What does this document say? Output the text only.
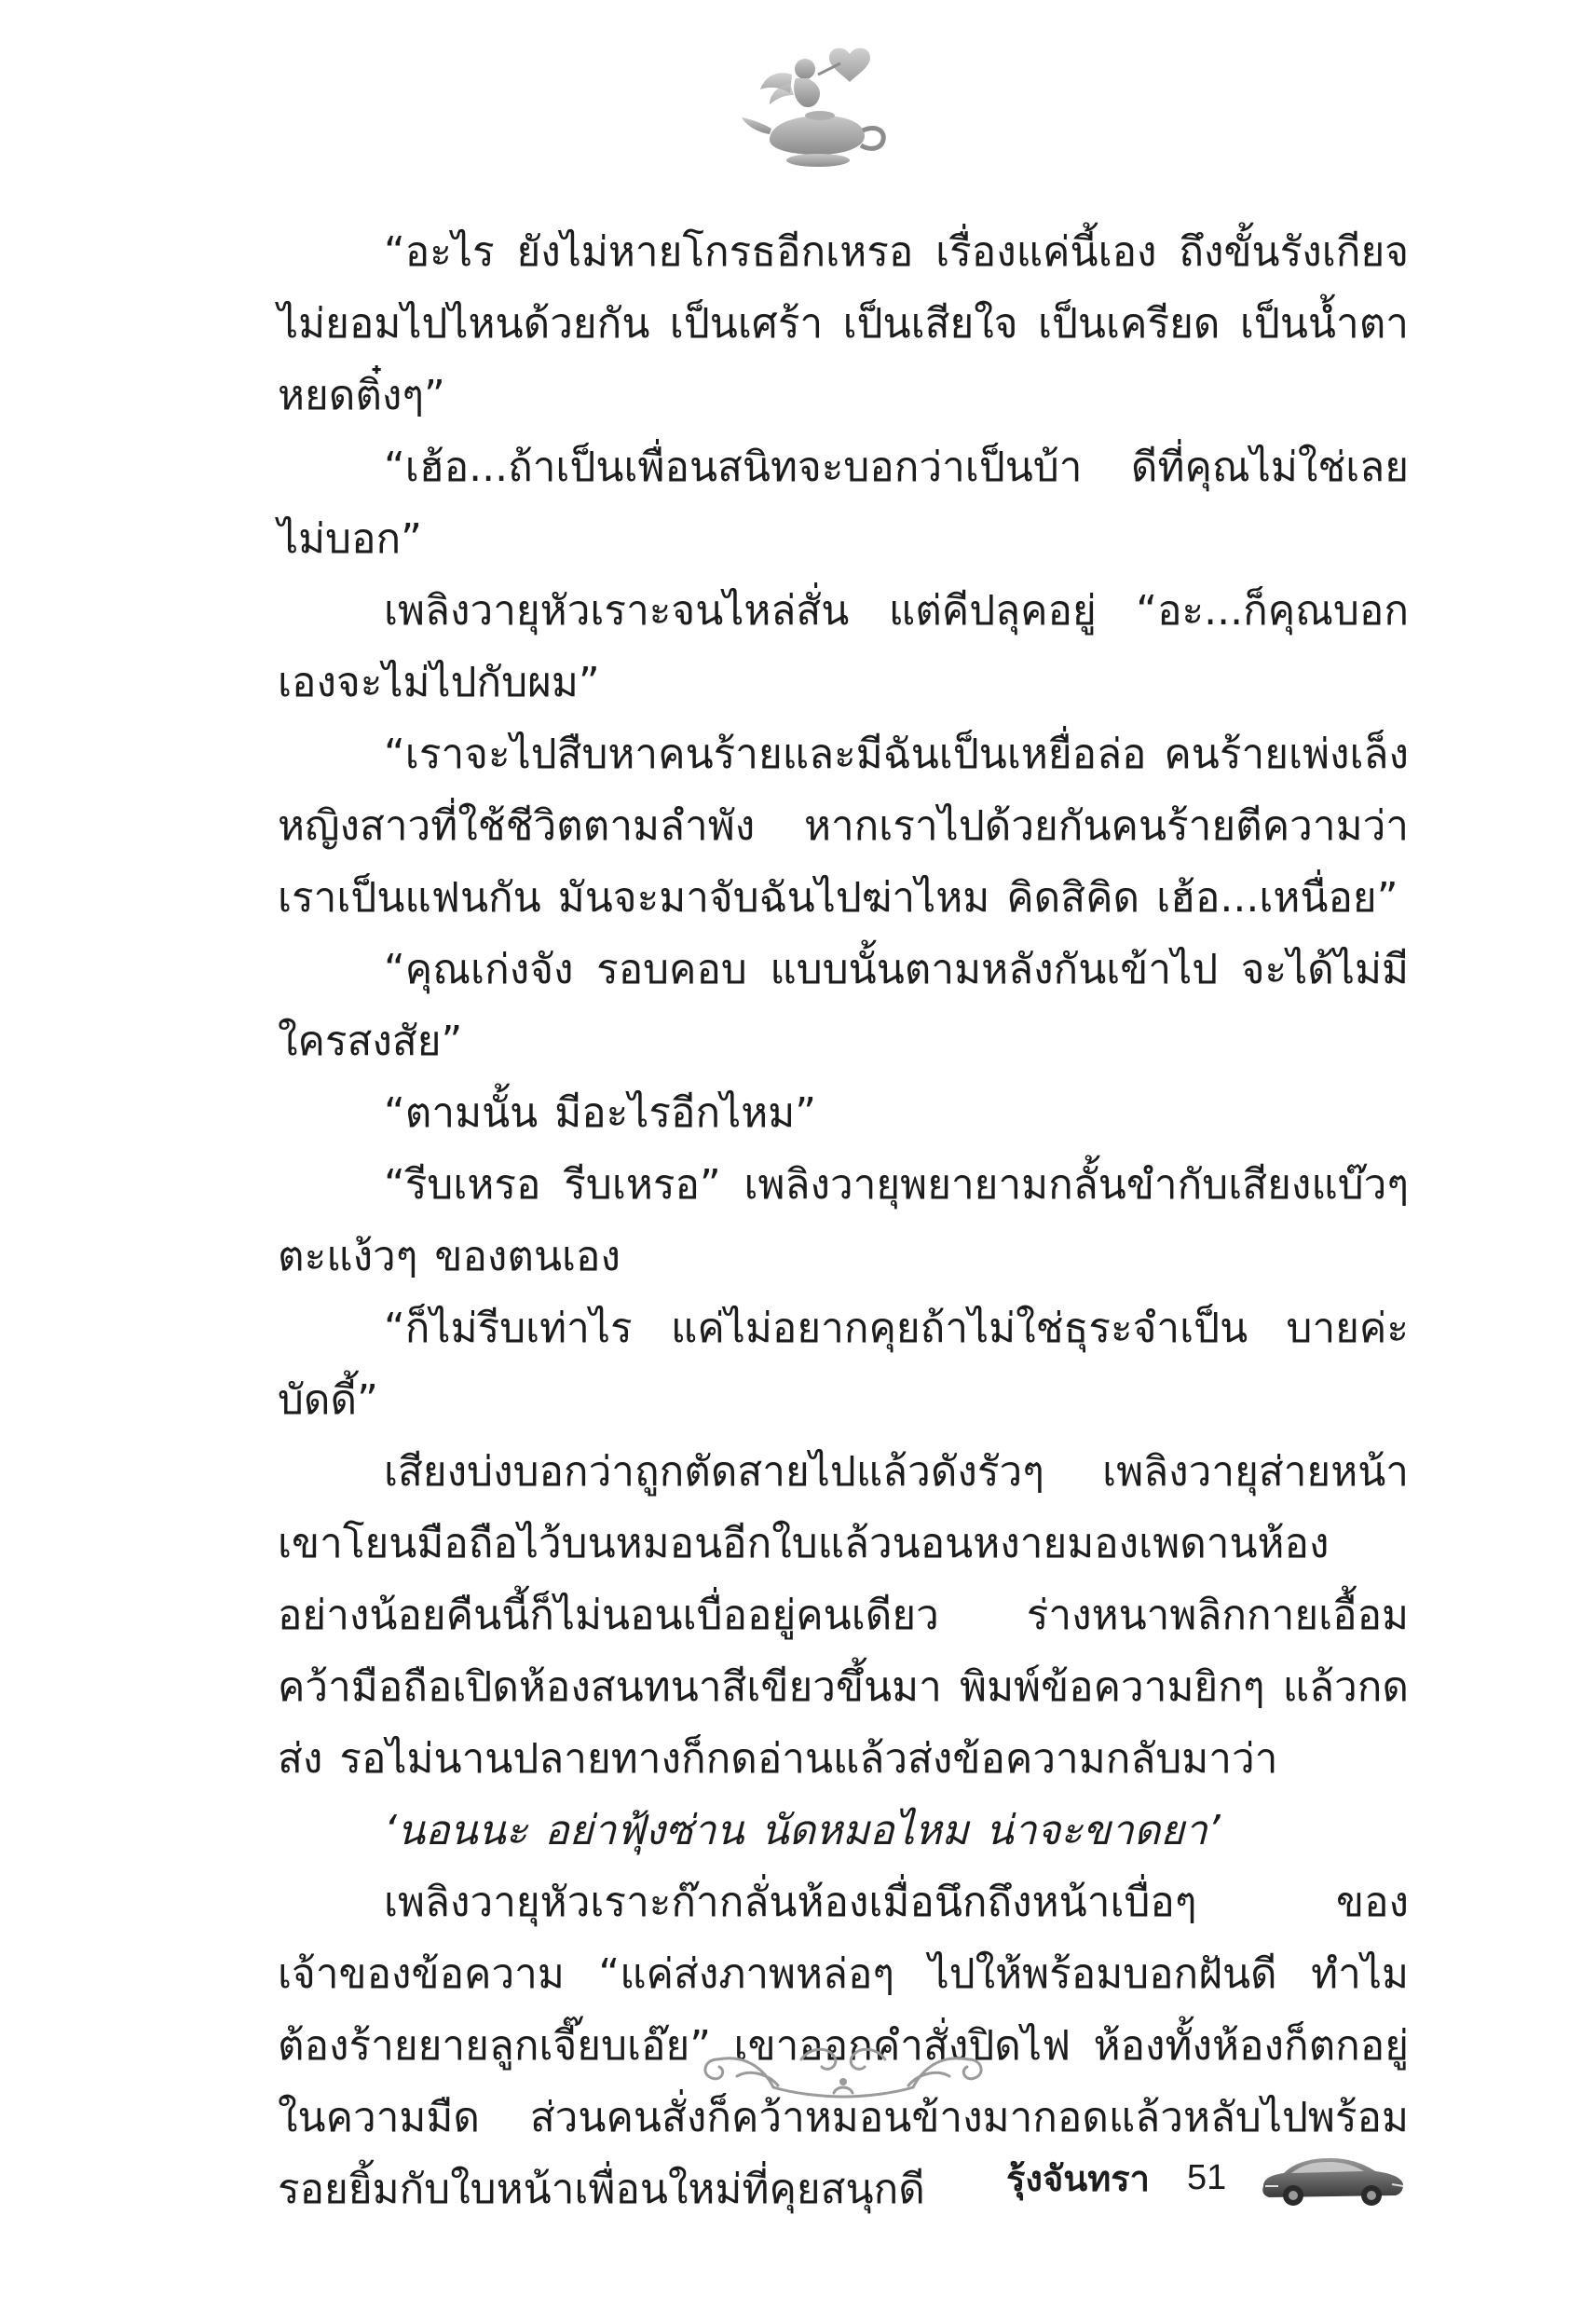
“อะไร ยังไม่หายโกรธอีกเหรอ เรื่องแค่นี้เอง ถึงขั้นรังเกียจไม่ยอมไปไหนด้วยกัน เป็นเศร้า เป็นเสียใจ เป็นเครียด เป็นน้ำตาหยดติ๋งๆ”

“เฮ้อ...ถ้าเป็นเพื่อนสนิทจะบอกว่าเป็นบ้า ดีที่คุณไม่ใช่เลยไม่บอก”

เพลิงวายุหัวเราะจนไหล่สั่น แต่คีปลุคอยู่ “อะ...ก็คุณบอกเองจะไม่ไปกับผม”

“เราจะไปสืบหาคนร้ายและมีฉันเป็นเหยื่อล่อ คนร้ายเพ่งเล็งหญิงสาวที่ใช้ชีวิตตามลำพัง หากเราไปด้วยกันคนร้ายตีความว่าเราเป็นแฟนกัน มันจะมาจับฉันไปฆ่าไหม คิดสิคิด เฮ้อ...เหนื่อย”

“คุณเก่งจัง รอบคอบ แบบนั้นตามหลังกันเข้าไป จะได้ไม่มีใครสงสัย”

“ตามนั้น มีอะไรอีกไหม”

“รีบเหรอ รีบเหรอ” เพลิงวายุพยายามกลั้นขำกับเสียงแบ๊วๆตะแง้วๆ ของตนเอง

“ก็ไม่รีบเท่าไร แค่ไม่อยากคุยถ้าไม่ใช่ธุระจำเป็น บายค่ะบัดดี้”

เสียงบ่งบอกว่าถูกตัดสายไปแล้วดังรัวๆ เพลิงวายุส่ายหน้า เขาโยนมือถือไว้บนหมอนอีกใบแล้วนอนหงายมองเพดานห้อง อย่างน้อยคืนนี้ก็ไม่นอนเบื่ออยู่คนเดียว ร่างหนาพลิกกายเอื้อมคว้ามือถือเปิดห้องสนทนาสีเขียวขึ้นมา พิมพ์ข้อความยิกๆ แล้วกดส่ง รอไม่นานปลายทางก็กดอ่านแล้วส่งข้อความกลับมาว่า

‘นอนนะ อย่าฟุ้งซ่าน นัดหมอไหม น่าจะขาดยา’

เพลิงวายุหัวเราะก๊ากลั่นห้องเมื่อนึกถึงหน้าเบื่อๆ ของเจ้าของข้อความ “แค่ส่งภาพหล่อๆ ไปให้พร้อมบอกฝันดี ทำไมต้องร้ายยายลูกเจี๊ยบเอ๊ย” เขาออกคำสั่งปิดไฟ ห้องทั้งห้องก็ตกอยู่ในความมืด ส่วนคนสั่งก็คว้าหมอนข้างมากอดแล้วหลับไปพร้อมรอยยิ้มกับใบหน้าเพื่อนใหม่ที่คุยสนุกดี	รุ้งจันทรา 51
